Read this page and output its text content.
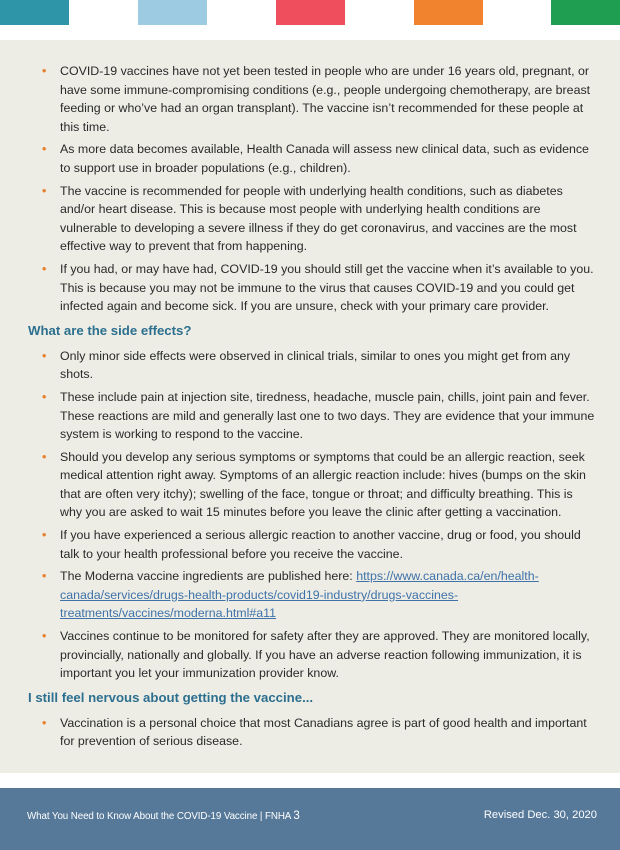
• COVID-19 vaccines have not yet been tested in people who are under 16 years old, pregnant, or have some immune-compromising conditions (e.g., people undergoing chemotherapy, are breast feeding or who’ve had an organ transplant). The vaccine isn’t recommended for these people at this time.
• As more data becomes available, Health Canada will assess new clinical data, such as evidence to support use in broader populations (e.g., children).
• The vaccine is recommended for people with underlying health conditions, such as diabetes and/or heart disease. This is because most people with underlying health conditions are vulnerable to developing a severe illness if they do get coronavirus, and vaccines are the most effective way to prevent that from happening.
• If you had, or may have had, COVID-19 you should still get the vaccine when it’s available to you. This is because you may not be immune to the virus that causes COVID-19 and you could get infected again and become sick. If you are unsure, check with your primary care provider.
What are the side effects?
• Only minor side effects were observed in clinical trials, similar to ones you might get from any shots.
• These include pain at injection site, tiredness, headache, muscle pain, chills, joint pain and fever. These reactions are mild and generally last one to two days. They are evidence that your immune system is working to respond to the vaccine.
• Should you develop any serious symptoms or symptoms that could be an allergic reaction, seek medical attention right away. Symptoms of an allergic reaction include: hives (bumps on the skin that are often very itchy); swelling of the face, tongue or throat; and difficulty breathing. This is why you are asked to wait 15 minutes before you leave the clinic after getting a vaccination.
• If you have experienced a serious allergic reaction to another vaccine, drug or food, you should talk to your health professional before you receive the vaccine.
• The Moderna vaccine ingredients are published here: https://www.canada.ca/en/health-canada/services/drugs-health-products/covid19-industry/drugs-vaccines-treatments/vaccines/moderna.html#a11
• Vaccines continue to be monitored for safety after they are approved. They are monitored locally, provincially, nationally and globally. If you have an adverse reaction following immunization, it is important you let your immunization provider know.
I still feel nervous about getting the vaccine...
• Vaccination is a personal choice that most Canadians agree is part of good health and important for prevention of serious disease.
What You Need to Know About the COVID-19 Vaccine | FNHA 3	Revised Dec. 30, 2020
